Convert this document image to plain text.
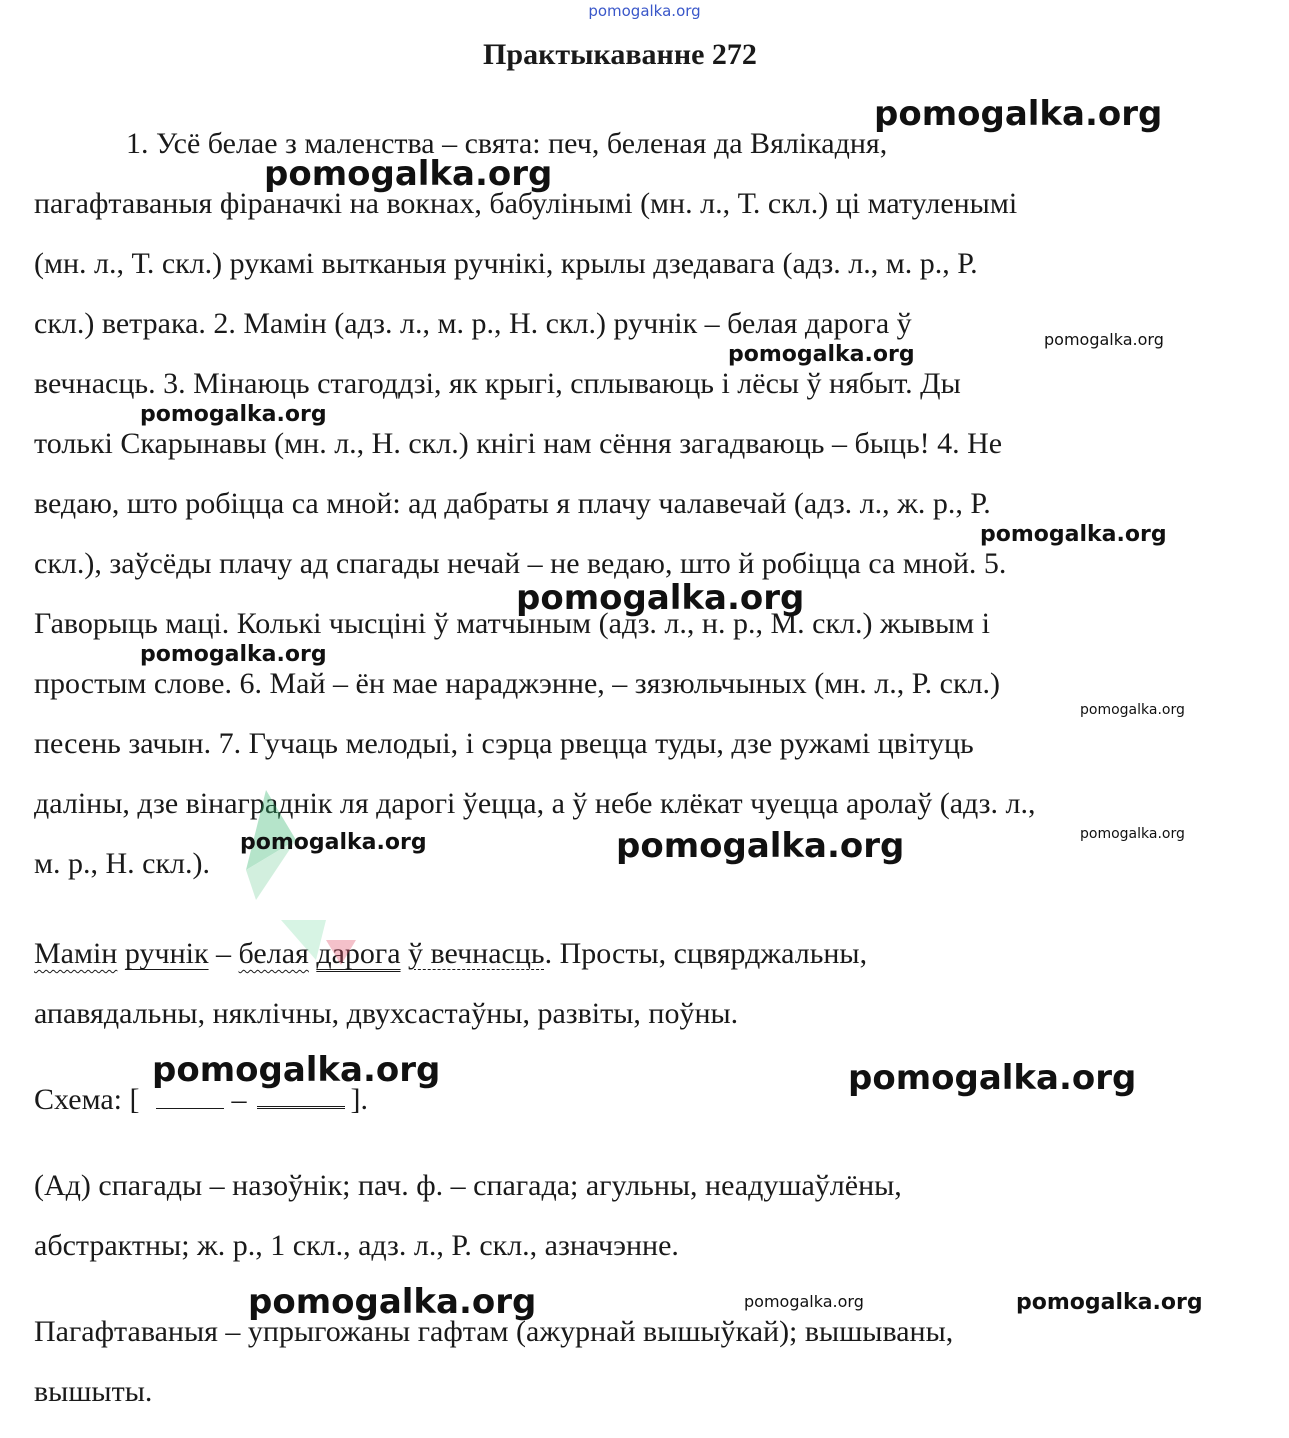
pomogalka.org
Практыкаванне 272
1. Усё белае з маленства – свята: печ, беленая да Вялікадня,
пагафтаваныя фіраначкі на вокнах, бабулінымі (мн. л., Т. скл.) ці матуленымі
(мн. л., Т. скл.) рукамі вытканыя ручнікі, крылы дзедавага (адз. л., м. р., Р.
скл.) ветрака. 2. Мамін (адз. л., м. р., Н. скл.) ручнік – белая дарога ў
вечнасць. 3. Мінаюць стагоддзі, як крыгі, сплываюць і лёсы ў нябыт. Ды
толькі Скарынавы (мн. л., Н. скл.) кнігі нам сёння загадваюць – быць! 4. Не
ведаю, што робіцца са мной: ад дабраты я плачу чалавечай (адз. л., ж. р., Р.
скл.), заўсёды плачу ад спагады нечай – не ведаю, што й робіцца са мной. 5.
Гаворыць маці. Колькі чысціні ў матчыным (адз. л., н. р., М. скл.) жывым і
простым слове. 6. Май – ён мае нараджэнне, – зязюльчыных (мн. л., Р. скл.)
песень зачын. 7. Гучаць мелодыі, і сэрца рвецца туды, дзе ружамі цвітуць
даліны, дзе вінаграднік ля дарогі ўецца, а ў небе клёкат чуецца аролаў (адз. л.,
м. р., Н. скл.).
Мамін ручнік – белая дарога ў вечнасць. Просты, сцвярджальны,
апавядальны, няклічны, двухсастаўны, развіты, поўны.
Схема: [	–	].
(Ад) спагады – назоўнік; пач. ф. – спагада; агульны, неадушаўлёны,
абстрактны; ж. р., 1 скл., адз. л., Р. скл., азначэнне.
Пагафтаваныя – упрыгожаны гафтам (ажурнай вышыўкай); вышываны,
вышыты.
pomogalka.org
pomogalka.org
pomogalka.org
pomogalka.org
pomogalka.org
pomogalka.org
pomogalka.org
pomogalka.org
pomogalka.org
pomogalka.org
pomogalka.org	pomogalka.org
pomogalka.org	pomogalka.org
pomogalka.org	pomogalka.org	pomogalka.org
